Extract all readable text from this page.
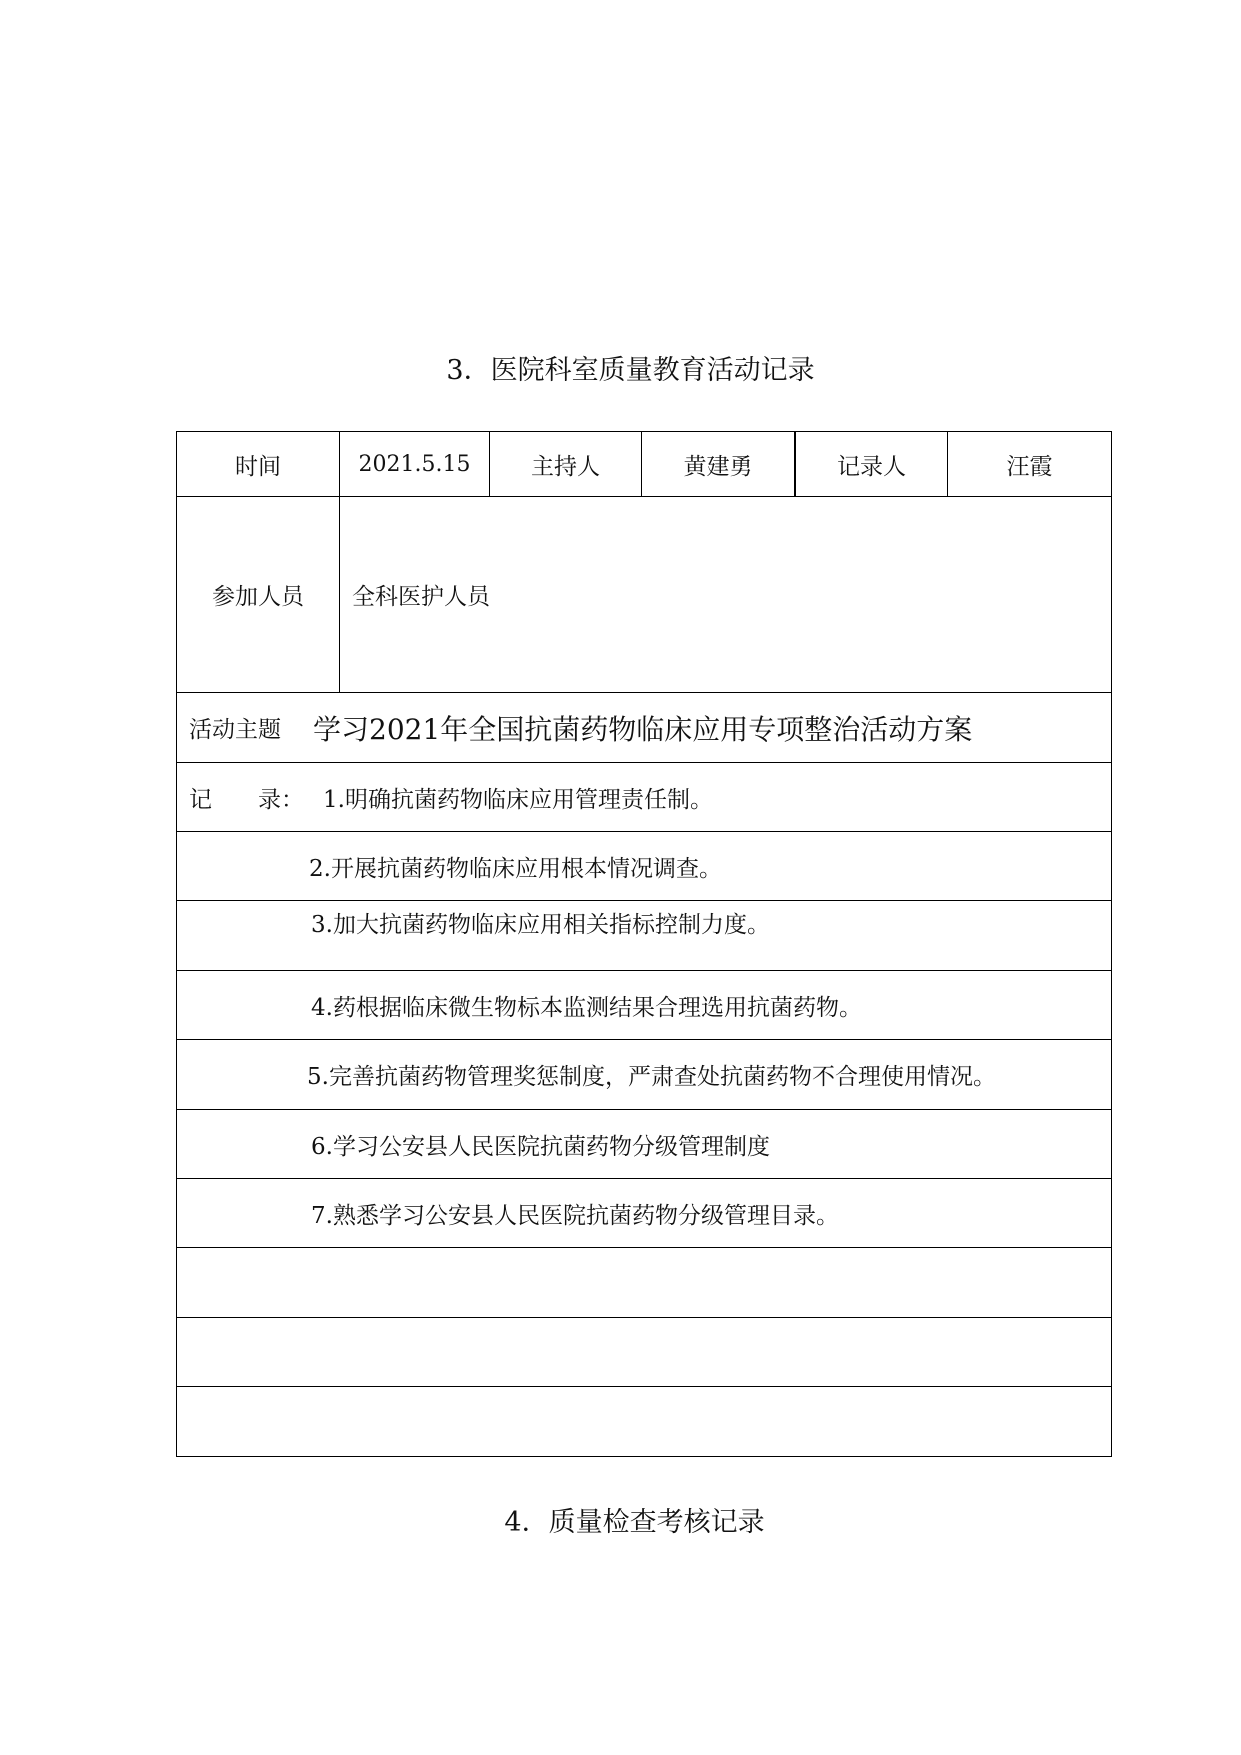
3．医院科室质量教育活动记录
时间	2021.5.15	主持人	黄建勇	记录人	汪霞
参加人员	全科医护人员
活动主题	学习2021年全国抗菌药物临床应用专项整治活动方案
记　　录： 1.明确抗菌药物临床应用管理责任制。
2.开展抗菌药物临床应用根本情况调查。
3.加大抗菌药物临床应用相关指标控制力度。
4.药根据临床微生物标本监测结果合理选用抗菌药物。
5.完善抗菌药物管理奖惩制度，严肃查处抗菌药物不合理使用情况。
6.学习公安县人民医院抗菌药物分级管理制度
7.熟悉学习公安县人民医院抗菌药物分级管理目录。
4．质量检查考核记录
